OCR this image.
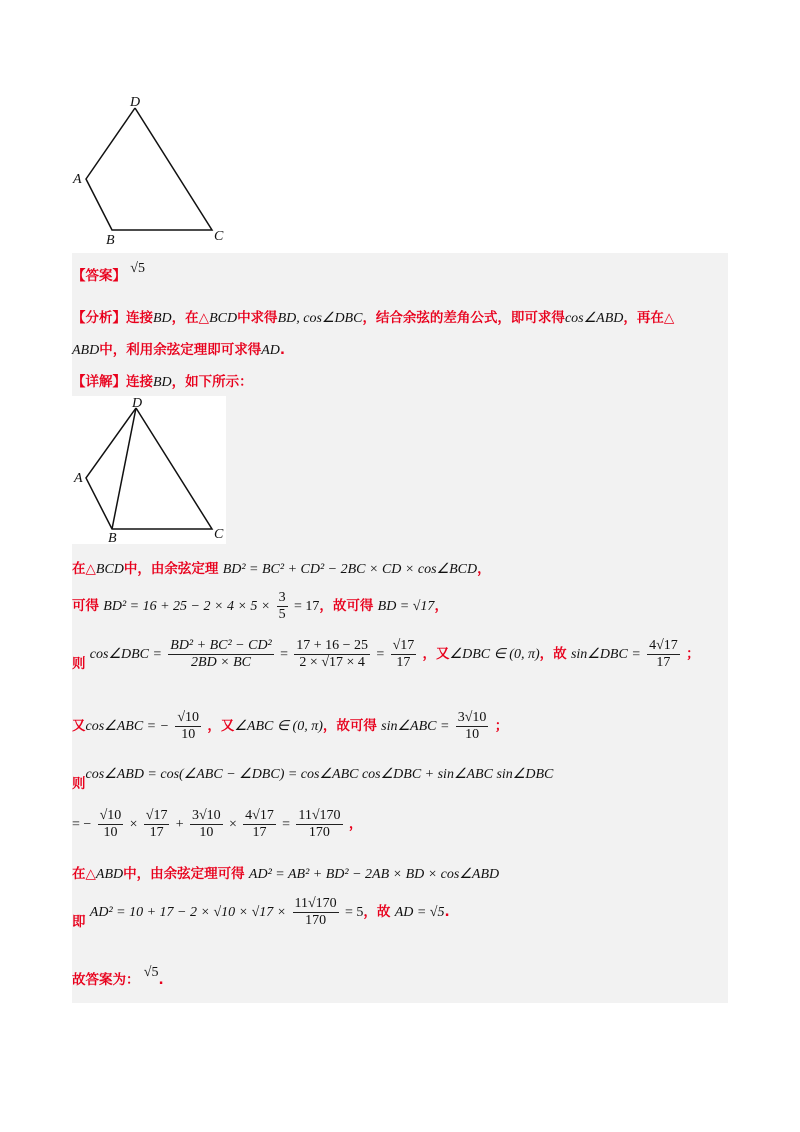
D
A
B	C
D
A
B	C
【答案】 √5
【分析】连接BD，在△BCD中求得BD, cos∠DBC，结合余弦的差角公式，即可求得cos∠ABD，再在△
ABD中，利用余弦定理即可求得AD.
【详解】连接BD，如下所示：
在△BCD中，由余弦定理 BD² = BC² + CD² − 2BC × CD × cos∠BCD，
可得 $BD^2 = 16 + 25 - 2 \times 4 \times 5 \times \frac{3}{5} = 17$，故可得 BD = √17，
则 cos∠DBC = $\frac{\text{BD² + BC² − CD²}}{2BD \times BC} = \frac{17 + 16 - 25}{2 \times √17 \times 4} = \frac{√17}{17}$ ，又∠DBC ∈ (0, π)，故 sin∠DBC = $\frac{4√17}{17}$ ；
又cos∠ABC = − $\frac{√10}{10}$ ，又∠ABC ∈ (0, π)，故可得 sin∠ABC = $\frac{3√10}{10}$ ；
则cos∠ABD = cos(∠ABC − ∠DBC) = cos∠ABC cos∠DBC + sin∠ABC sin∠DBC
= − $\frac{√10}{10} \times \frac{√17}{17} + \frac{3√10}{10} \times \frac{4√17}{17} = \frac{11√170}{170}$ ，
在△ABD中，由余弦定理可得 AD² = AB² + BD² − 2AB × BD × cos∠ABD
即 $AD^2 = 10 + 17 - 2 \times √10 \times √17 \times \frac{11√170}{170} = 5$，故 AD = √5.
故答案为： √5.
